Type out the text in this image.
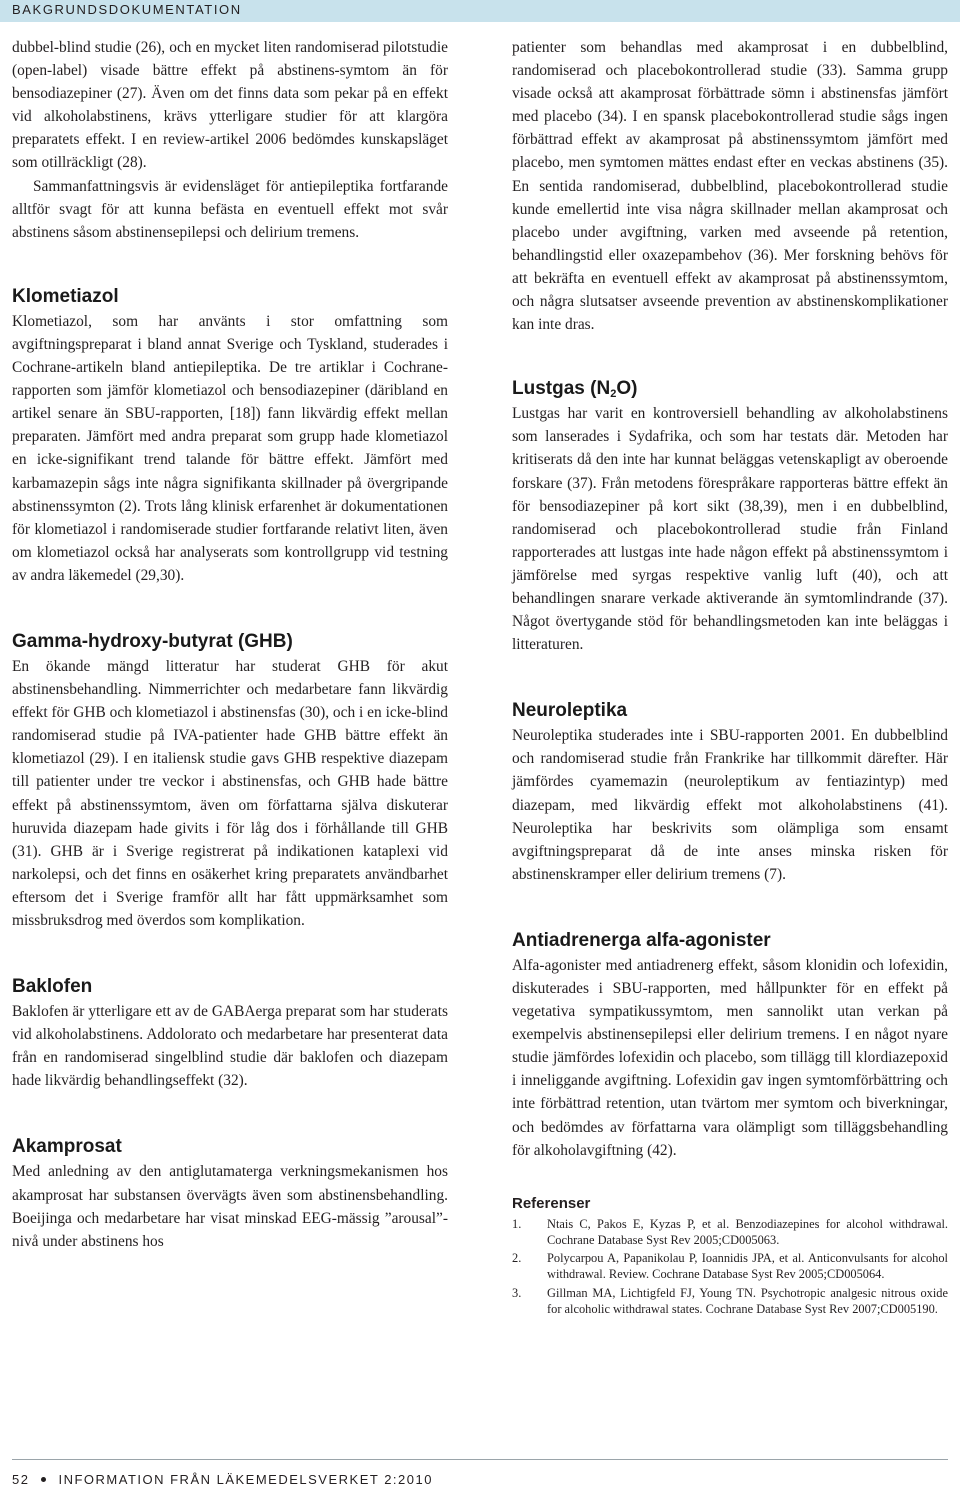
BAKGRUNDSDOKUMENTATION

dubbel-blind studie (26), och en mycket liten randomiserad pilotstudie (open-label) visade bättre effekt på abstinens-symtom än för bensodiazepiner (27). Även om det finns data som pekar på en effekt vid alkoholabstinens, krävs ytterligare studier för att klargöra preparatets effekt. I en review-artikel 2006 bedömdes kunskapsläget som otillräckligt (28).

Sammanfattningsvis är evidensläget för antiepileptika fortfarande alltför svagt för att kunna befästa en eventuell effekt mot svår abstinens såsom abstinensepilepsi och delirium tremens.

Klometiazol

Klometiazol, som har använts i stor omfattning som avgiftningspreparat i bland annat Sverige och Tyskland, studerades i Cochrane-artikeln bland antiepileptika. De tre artiklar i Cochrane-rapporten som jämför klometiazol och bensodiazepiner (däribland en artikel senare än SBU-rapporten, [18]) fann likvärdig effekt mellan preparaten. Jämfört med andra preparat som grupp hade klometiazol en icke-signifikant trend talande för bättre effekt. Jämfört med karbamazepin sågs inte några signifikanta skillnader på övergripande abstinenssymton (2). Trots lång klinisk erfarenhet är dokumentationen för klometiazol i randomiserade studier fortfarande relativt liten, även om klometiazol också har analyserats som kontrollgrupp vid testning av andra läkemedel (29,30).

Gamma-hydroxy-butyrat (GHB)

En ökande mängd litteratur har studerat GHB för akut abstinensbehandling. Nimmerrichter och medarbetare fann likvärdig effekt för GHB och klometiazol i abstinensfas (30), och i en icke-blind randomiserad studie på IVA-patienter hade GHB bättre effekt än klometiazol (29). I en italiensk studie gavs GHB respektive diazepam till patienter under tre veckor i abstinensfas, och GHB hade bättre effekt på abstinenssymtom, även om författarna själva diskuterar huruvida diazepam hade givits i för låg dos i förhållande till GHB (31). GHB är i Sverige registrerat på indikationen kataplexi vid narkolepsi, och det finns en osäkerhet kring preparatets användbarhet eftersom det i Sverige framför allt har fått uppmärksamhet som missbruksdrog med överdos som komplikation.

Baklofen

Baklofen är ytterligare ett av de GABAerga preparat som har studerats vid alkoholabstinens. Addolorato och medarbetare har presenterat data från en randomiserad singelblind studie där baklofen och diazepam hade likvärdig behandlingseffekt (32).

Akamprosat

Med anledning av den antiglutamaterga verkningsmekanismen hos akamprosat har substansen övervägts även som abstinensbehandling. Boeijinga och medarbetare har visat minskad EEG-mässig ”arousal”-nivå under abstinens hos

patienter som behandlas med akamprosat i en dubbelblind, randomiserad och placebokontrollerad studie (33). Samma grupp visade också att akamprosat förbättrade sömn i abstinensfas jämfört med placebo (34). I en spansk placebokontrollerad studie sågs ingen förbättrad effekt av akamprosat på abstinenssymtom jämfört med placebo, men symtomen mättes endast efter en veckas abstinens (35). En sentida randomiserad, dubbelblind, placebokontrollerad studie kunde emellertid inte visa några skillnader mellan akamprosat och placebo under avgiftning, varken med avseende på retention, behandlingstid eller oxazepambehov (36). Mer forskning behövs för att bekräfta en eventuell effekt av akamprosat på abstinenssymtom, och några slutsatser avseende prevention av abstinenskomplikationer kan inte dras.

Lustgas $(N_2O)$

Lustgas har varit en kontroversiell behandling av alkoholabstinens som lanserades i Sydafrika, och som har testats där. Metoden har kritiserats då den inte har kunnat beläggas vetenskapligt av oberoende forskare (37). Från metodens förespråkare rapporteras bättre effekt än för bensodiazepiner på kort sikt (38,39), men i en dubbelblind, randomiserad och placebokontrollerad studie från Finland rapporterades att lustgas inte hade någon effekt på abstinenssymtom i jämförelse med syrgas respektive vanlig luft (40), och att behandlingen snarare verkade aktiverande än symtomlindrande (37). Något övertygande stöd för behandlingsmetoden kan inte beläggas i litteraturen.

Neuroleptika

Neuroleptika studerades inte i SBU-rapporten 2001. En dubbelblind och randomiserad studie från Frankrike har tillkommit därefter. Här jämfördes cyamemazin (neuroleptikum av fentiazintyp) med diazepam, med likvärdig effekt mot alkoholabstinens (41). Neuroleptika har beskrivits som olämpliga som ensamt avgiftningspreparat då de inte anses minska risken för abstinenskramper eller delirium tremens (7).

Antiadrenerga alfa-agonister

Alfa-agonister med antiadrenerg effekt, såsom klonidin och lofexidin, diskuterades i SBU-rapporten, med hållpunkter för en effekt på vegetativa sympatikussymtom, men sannolikt utan verkan på exempelvis abstinensepilepsi eller delirium tremens. I en något nyare studie jämfördes lofexidin och placebo, som tillägg till klordiazepoxid i inneliggande avgiftning. Lofexidin gav ingen symtomförbättring och inte förbättrad retention, utan tvärtom mer symtom och biverkningar, och bedömdes av författarna vara olämpligt som tilläggsbehandling för alkoholavgiftning (42).

Referenser
1. Ntais C, Pakos E, Kyzas P, et al. Benzodiazepines for alcohol withdrawal. Cochrane Database Syst Rev 2005;CD005063.
2. Polycarpou A, Papanikolau P, Ioannidis JPA, et al. Anticonvulsants for alcohol withdrawal. Review. Cochrane Database Syst Rev 2005;CD005064.
3. Gillman MA, Lichtigfeld FJ, Young TN. Psychotropic analgesic nitrous oxide for alcoholic withdrawal states. Cochrane Database Syst Rev 2007;CD005190.
52 INFORMATION FRÅN LÄKEMEDELSVERKET 2:2010
